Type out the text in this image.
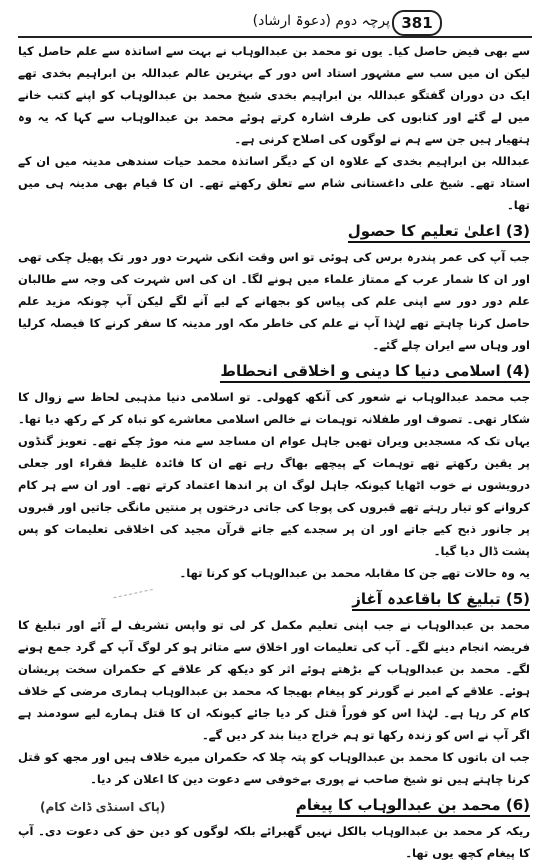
381
پرچہ دوم (دعوۃ ارشاد)

سے بھی فیض حاصل کیا۔ یوں تو محمد بن عبدالوہاب نے بہت سے اساتذہ سے علم حاصل کیا لیکن ان میں سب سے مشہور استاد اس دور کے بہترین عالم عبداللہ بن ابراہیم بخدی تھے ایک دن دوران گفتگو عبداللہ بن ابراہیم بخدی شیخ محمد بن عبدالوہاب کو اپنے کتب خانے میں لے گئے اور کتابوں کی طرف اشارہ کرتے ہوئے محمد بن عبدالوہاب سے کہا کہ یہ وہ ہتھیار ہیں جن سے ہم نے لوگوں کی اصلاح کرنی ہے۔

عبداللہ بن ابراہیم بخدی کے علاوہ ان کے دیگر اساتذہ محمد حیات سندھی مدینہ میں ان کے استاد تھے۔ شیخ علی داغستانی شام سے تعلق رکھتے تھے۔ ان کا قیام بھی مدینہ ہی میں تھا۔

(3) اعلیٰ تعلیم کا حصول

جب آپ کی عمر پندرہ برس کی ہوئی تو اس وقت انکی شہرت دور دور تک پھیل چکی تھی اور ان کا شمار عرب کے ممتاز علماء میں ہونے لگا۔ ان کی اس شہرت کی وجہ سے طالبان علم دور دور سے اپنی علم کی پیاس کو بجھانے کے لیے آنے لگے لیکن آپ چونکہ مزید علم حاصل کرنا چاہتے تھے لہٰذا آپ نے علم کی خاطر مکہ اور مدینہ کا سفر کرنے کا فیصلہ کرلیا اور وہاں سے ایران چلے گئے۔

(4) اسلامی دنیا کا دینی و اخلاقی انحطاط

جب محمد عبدالوہاب نے شعور کی آنکھ کھولی۔ تو اسلامی دنیا مذہبی لحاظ سے زوال کا شکار تھی۔ تصوف اور طفلانہ توہمات نے خالص اسلامی معاشرے کو تباہ کر کے رکھ دیا تھا۔ یہاں تک کہ مسجدیں ویران تھیں جاہل عوام ان مساجد سے منہ موڑ چکے تھے۔ تعویز گنڈوں پر یقین رکھتے تھے توہمات کے پیچھے بھاگ رہے تھے ان کا فائدہ غلیظ فقراء اور جعلی درویشوں نے خوب اٹھایا کیونکہ جاہل لوگ ان پر اندھا اعتماد کرتے تھے۔ اور ان سے ہر کام کروانے کو تیار رہتے تھے قبروں کی پوجا کی جاتی درختوں پر منتیں مانگی جاتیں اور قبروں پر جانور ذبح کیے جاتے اور ان پر سجدے کیے جاتے قرآن مجید کی اخلاقی تعلیمات کو پس پشت ڈال دیا گیا۔

یہ وہ حالات تھے جن کا مقابلہ محمد بن عبدالوہاب کو کرنا تھا۔

(5) تبلیغ کا باقاعدہ آغاز

محمد بن عبدالوہاب نے جب اپنی تعلیم مکمل کر لی تو واپس تشریف لے آئے اور تبلیغ کا فریضہ انجام دینے لگے۔ آپ کی تعلیمات اور اخلاق سے متاثر ہو کر لوگ آپ کے گرد جمع ہونے لگے۔ محمد بن عبدالوہاب کے بڑھتے ہوئے اثر کو دیکھ کر علاقے کے حکمران سخت پریشان ہوئے۔ علاقے کے امیر نے گورنر کو پیغام بھیجا کہ محمد بن عبدالوہاب ہماری مرضی کے خلاف کام کر رہا ہے۔ لہٰذا اس کو فوراً قتل کر دیا جائے کیونکہ ان کا قتل ہمارے لیے سودمند ہے اگر آپ نے اس کو زندہ رکھا تو ہم خراج دینا بند کر دیں گے۔

جب ان باتوں کا محمد بن عبدالوہاب کو پتہ چلا کہ حکمران میرے خلاف ہیں اور مجھ کو قتل کرنا چاہتے ہیں تو شیخ صاحب نے پوری بےخوفی سے دعوت دین کا اعلان کر دیا۔

(پاک اسنڈی ڈاٹ کام)	(6) محمد بن عبدالوہاب کا پیغام

ریکہ کر محمد بن عبدالوہاب بالکل نہیں گھبرائے بلکہ لوگوں کو دین حق کی دعوت دی۔ آپ کا پیغام کچھ یوں تھا۔
